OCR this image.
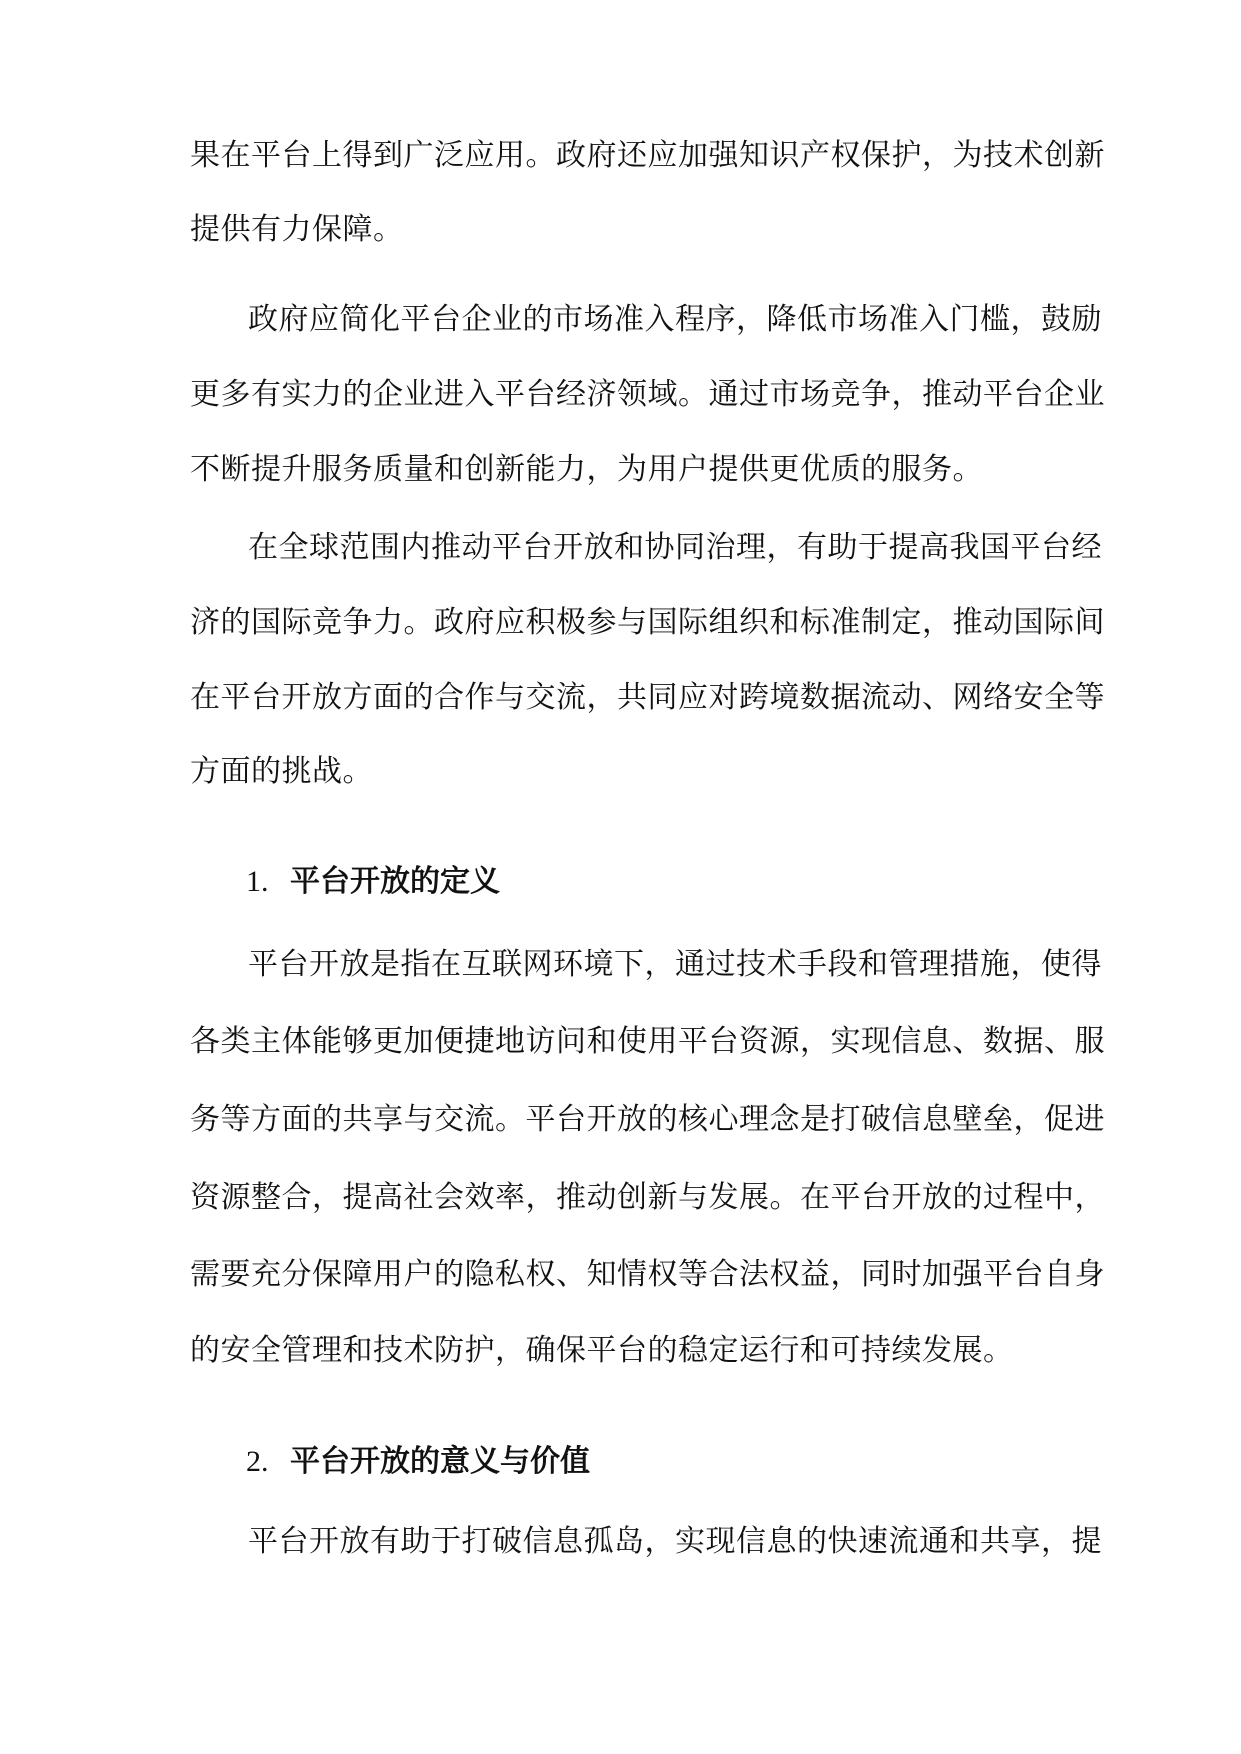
果在平台上得到广泛应用。政府还应加强知识产权保护，为技术创新
提供有力保障。
政府应简化平台企业的市场准入程序，降低市场准入门槛，鼓励
更多有实力的企业进入平台经济领域。通过市场竞争，推动平台企业
不断提升服务质量和创新能力，为用户提供更优质的服务。
在全球范围内推动平台开放和协同治理，有助于提高我国平台经
济的国际竞争力。政府应积极参与国际组织和标准制定，推动国际间
在平台开放方面的合作与交流，共同应对跨境数据流动、网络安全等
方面的挑战。
1. 平台开放的定义
平台开放是指在互联网环境下，通过技术手段和管理措施，使得
各类主体能够更加便捷地访问和使用平台资源，实现信息、数据、服
务等方面的共享与交流。平台开放的核心理念是打破信息壁垒，促进
资源整合，提高社会效率，推动创新与发展。在平台开放的过程中，
需要充分保障用户的隐私权、知情权等合法权益，同时加强平台自身
的安全管理和技术防护，确保平台的稳定运行和可持续发展。
2. 平台开放的意义与价值
平台开放有助于打破信息孤岛，实现信息的快速流通和共享，提
